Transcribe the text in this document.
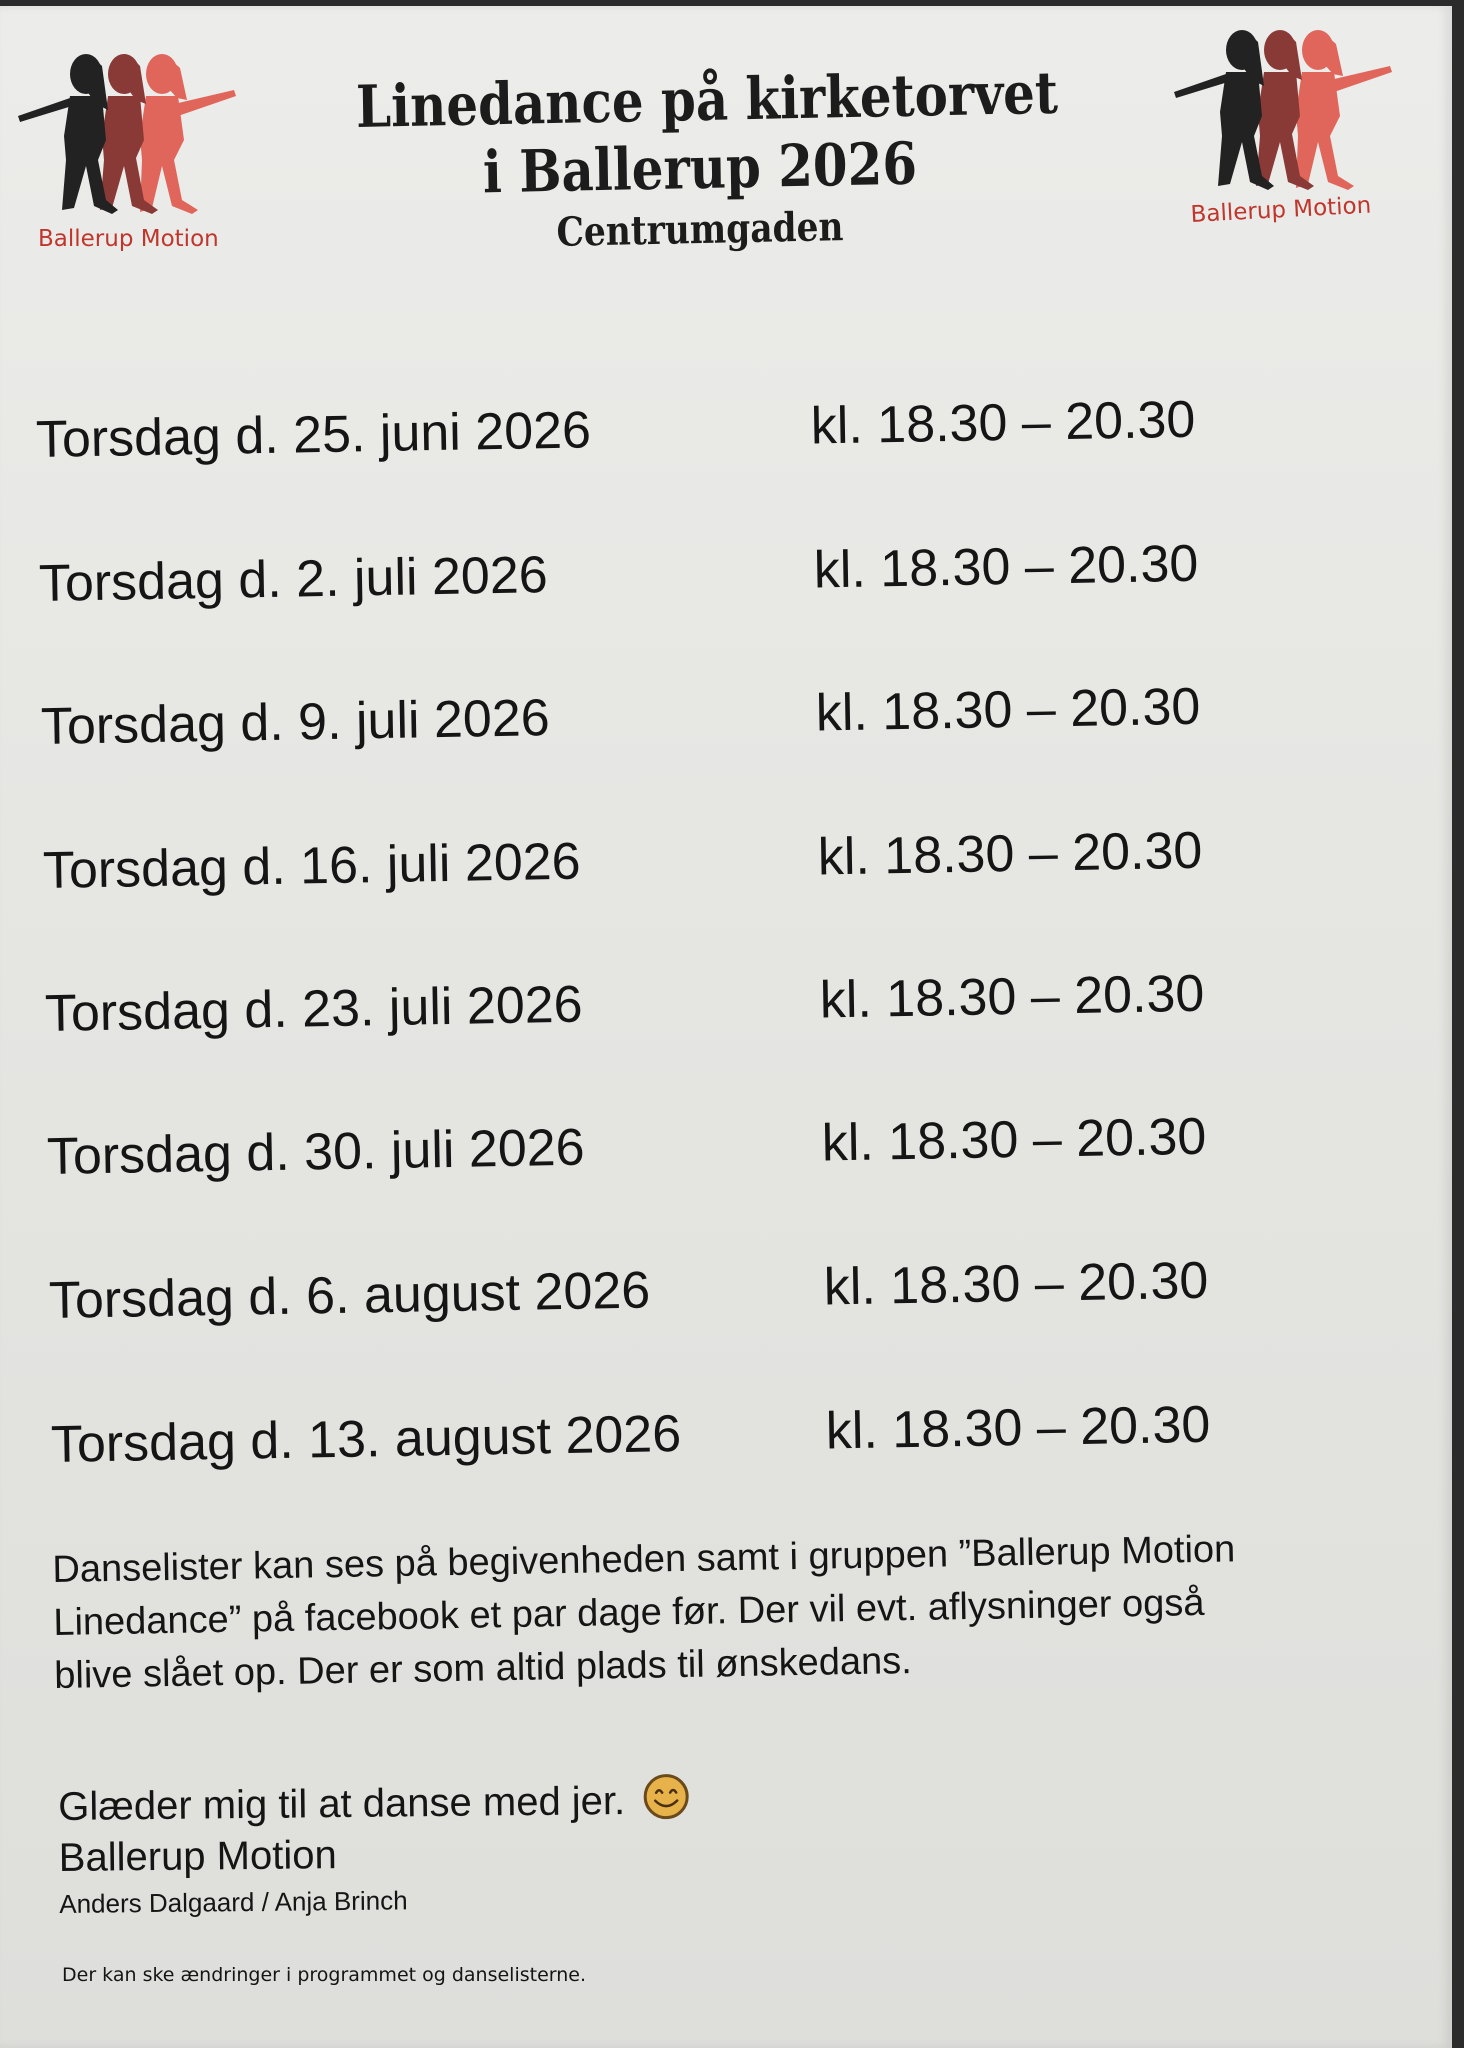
Ballerup Motion
Ballerup Motion
Linedance på kirketorvet
i Ballerup 2026
Centrumgaden
Torsdag d. 25. juni 2026	kl. 18.30 – 20.30
Torsdag d. 2. juli 2026	kl. 18.30 – 20.30
Torsdag d. 9. juli 2026	kl. 18.30 – 20.30
Torsdag d. 16. juli 2026	kl. 18.30 – 20.30
Torsdag d. 23. juli 2026	kl. 18.30 – 20.30
Torsdag d. 30. juli 2026	kl. 18.30 – 20.30
Torsdag d. 6. august 2026	kl. 18.30 – 20.30
Torsdag d. 13. august 2026	kl. 18.30 – 20.30

Danselister kan ses på begivenheden samt i gruppen ”Ballerup Motion

Linedance” på facebook et par dage før. Der vil evt. aflysninger også

blive slået op. Der er som altid plads til ønskedans.

Glæder mig til at danse med jer.
Ballerup Motion
Anders Dalgaard / Anja Brinch
Der kan ske ændringer i programmet og danselisterne.
